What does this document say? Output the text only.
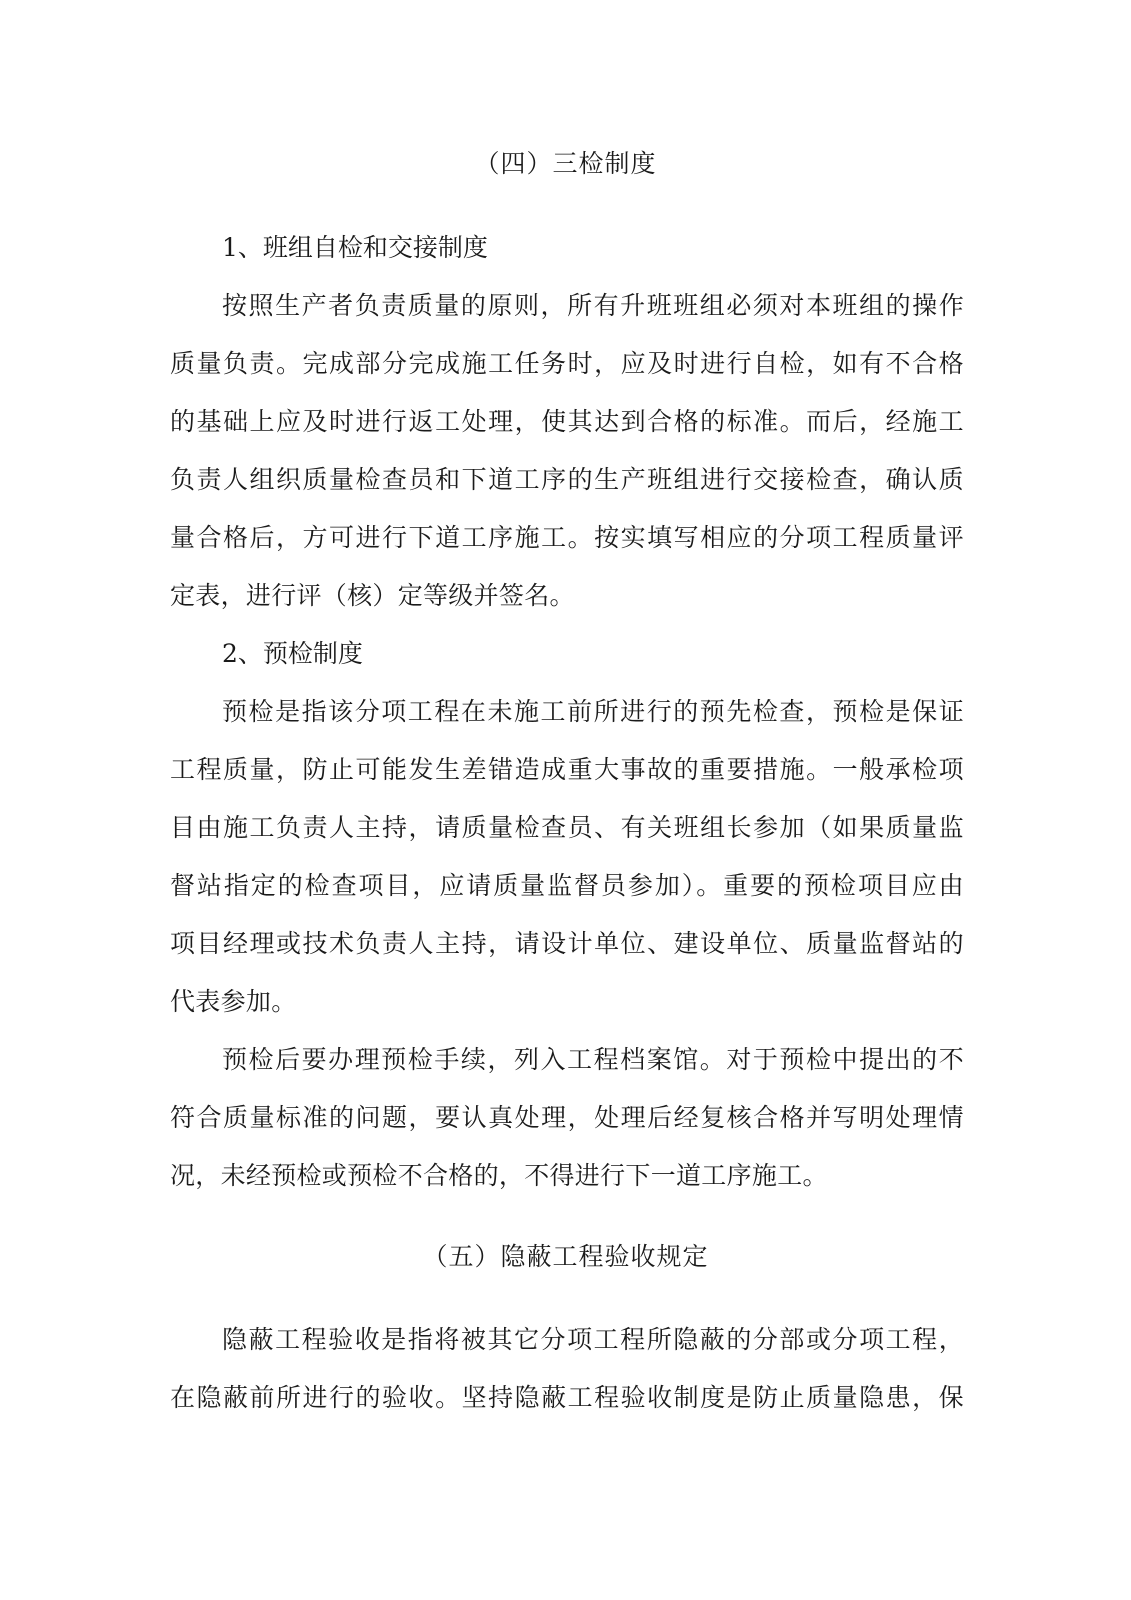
（四）三检制度
1、班组自检和交接制度
按照生产者负责质量的原则，所有升班班组必须对本班组的操作
质量负责。完成部分完成施工任务时，应及时进行自检，如有不合格
的基础上应及时进行返工处理，使其达到合格的标准。而后，经施工
负责人组织质量检查员和下道工序的生产班组进行交接检查，确认质
量合格后，方可进行下道工序施工。按实填写相应的分项工程质量评
定表，进行评（核）定等级并签名。
2、预检制度
预检是指该分项工程在未施工前所进行的预先检查，预检是保证
工程质量，防止可能发生差错造成重大事故的重要措施。一般承检项
目由施工负责人主持，请质量检查员、有关班组长参加（如果质量监
督站指定的检查项目，应请质量监督员参加）。重要的预检项目应由
项目经理或技术负责人主持，请设计单位、建设单位、质量监督站的
代表参加。
预检后要办理预检手续，列入工程档案馆。对于预检中提出的不
符合质量标准的问题，要认真处理，处理后经复核合格并写明处理情
况，未经预检或预检不合格的，不得进行下一道工序施工。
（五）隐蔽工程验收规定
隐蔽工程验收是指将被其它分项工程所隐蔽的分部或分项工程，
在隐蔽前所进行的验收。坚持隐蔽工程验收制度是防止质量隐患，保
